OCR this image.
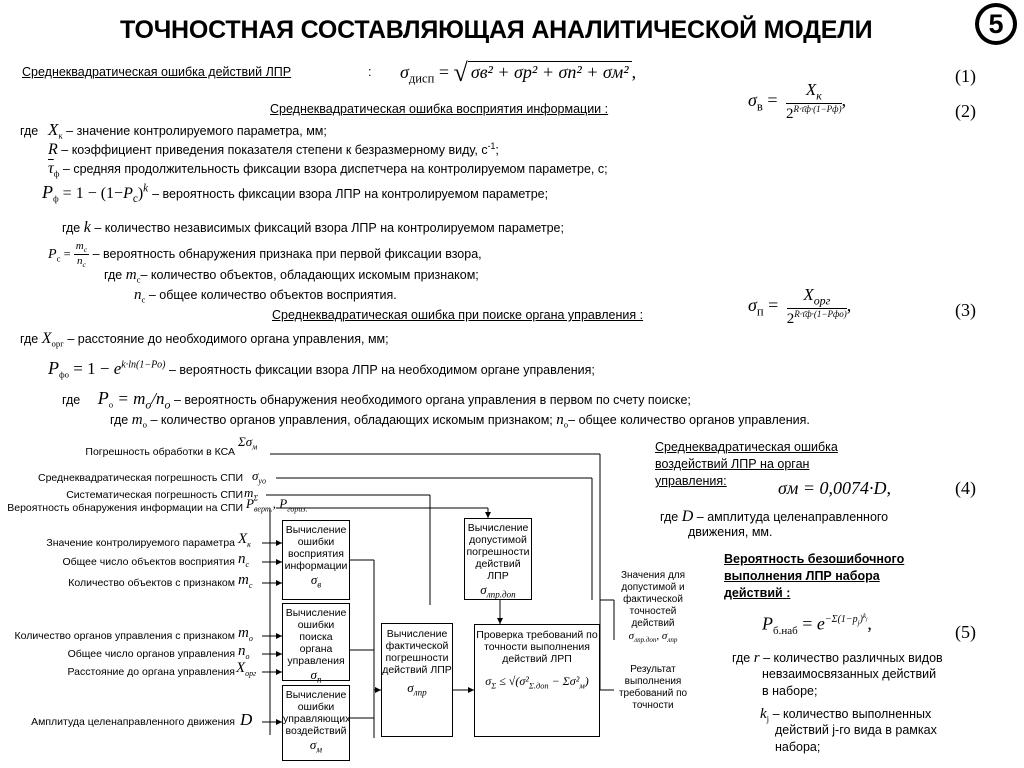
ТОЧНОСТНАЯ СОСТАВЛЯЮЩАЯ АНАЛИТИЧЕСКОЙ МОДЕЛИ	5
Среднеквадратическая ошибка действий ЛПР	: $\sigma_{дисп}$ = √ σв² + σр² + σп² + σм² ,	(1)
Среднеквадратическая ошибка восприятия информации :	$\sigma_в = \frac{X_к}{2^{R\cdot\taūф\cdot(1-Pф)}}$ ,
(2)
где $X_к$ – значение контролируемого параметра, мм;
R – коэффициент приведения показателя степени к безразмерному виду, $с^{-1}$;
$\overline{\tau}_ф$ – средняя продолжительность фиксации взора диспетчера на контролируемом параметре, с;
$P_ф = 1 - (1-P_c)^k$ – вероятность фиксации взора ЛПР на контролируемом параметре;
где k – количество независимых фиксаций взора ЛПР на контролируемом параметре;
$P_c = \frac{m_c}{n_c}$ – вероятность обнаружения признака при первой фиксации взора,
где $m_c-$ количество объектов, обладающих искомым признаком;
$n_c$ – общее количество объектов восприятия.
Среднеквадратическая ошибка при поиске органа управления :
$\sigma_п = \frac{X_{орг}}{2^{R\cdot\taūф\cdot(1-Pфо)}}$ ,	(3)
где $X_{орг}$ – расстояние до необходимого органа управления, мм;
$P_{фо} = 1 - e^{k\cdot ln(1-Po)}$ – вероятность фиксации взора ЛПР на необходимом органе управления;
где $P_o = m_o/n_o$ – вероятность обнаружения необходимого органа управления в первом по счету поиске;
где $m_o$ – количество органов управления, обладающих искомым признаком; $n_o-$ общее количество органов управления.
Среднеквадратическая ошибка
воздействий ЛПР на орган
управления:	σм = 0,0074·D,	(4)
где D – амплитуда целенаправленного
движения, мм.
Вероятность безошибочного
выполнения ЛПР набора
действий :
$P_{б.наб} = e^{-\Sigma(1-p_j)^{k_j}}$,	(5)
где r – количество различных видов
невзаимосвязанных действий
в наборе;
$k_j$ – количество выполненных
действий j-го вида в рамках
набора;
Погрешность обработки в КСА
$\Sigma\sigma_м$
Среднеквадратическая погрешность СПИ $\sigma_{уо}$
Систематическая погрешность СПИ $m_\Sigma$
Вероятность обнаружения информации на СПИ $P_{верт.}$, $P_{гориз.}$
Значение контролируемого параметра $X_к$
Общее число объектов восприятия $n_c$
Количество объектов с признаком $m_c$
Количество органов управления с признаком $m_o$
Общее число органов управления $n_o$
Расстояние до органа управления $X_{орг}$
Амплитуда целенаправленного движения D
Вычисление ошибки восприятия информации
$\sigma_в$
Вычисление ошибки поиска органа управления
$\sigma_п$
Вычисление ошибки управляющих воздействий
$\sigma_м$
Вычисление фактической погрешности действий ЛПР
$\sigma_{лпр}$
Вычисление допустимой погрешности действий ЛПР
$\sigma_{лпр.доп}$
Проверка требований по точности выполнения действий ЛРП
$\sigma_\Sigma \le √(\sigma^2_{\Sigma.доп} - \Sigma\sigma^2_м)$
Значения для допустимой и фактической точностей действий
$\sigma_{лпр.доп}$, $\sigma_{лпр}$
Результат выполнения требований по точности
